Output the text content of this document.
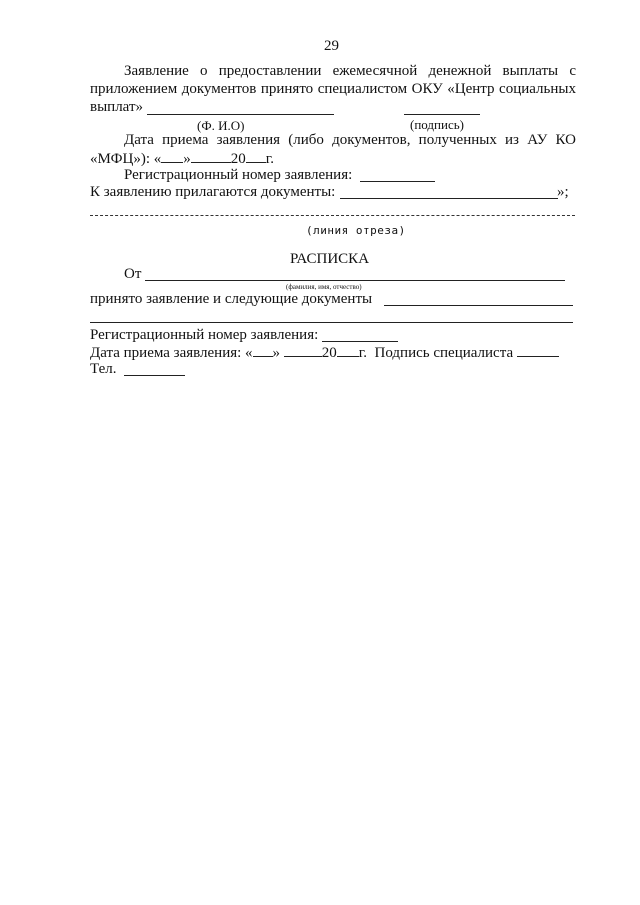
29
Заявление о предоставлении ежемесячной денежной выплаты с
приложением документов принято специалистом ОКУ «Центр социальных
выплат»
(Ф. И.О)	(подпись)
Дата приема заявления (либо документов, полученных из АУ КО
«МФЦ»): « »	20 г.
Регистрационный номер заявления:
К заявлению прилагаются документы:	»;
(линия отреза)
РАСПИСКА
От
(фамилия, имя, отчество)
принято заявление и следующие документы
Регистрационный номер заявления:
Дата приема заявления: « »	20 г. Подпись специалиста
Тел.
